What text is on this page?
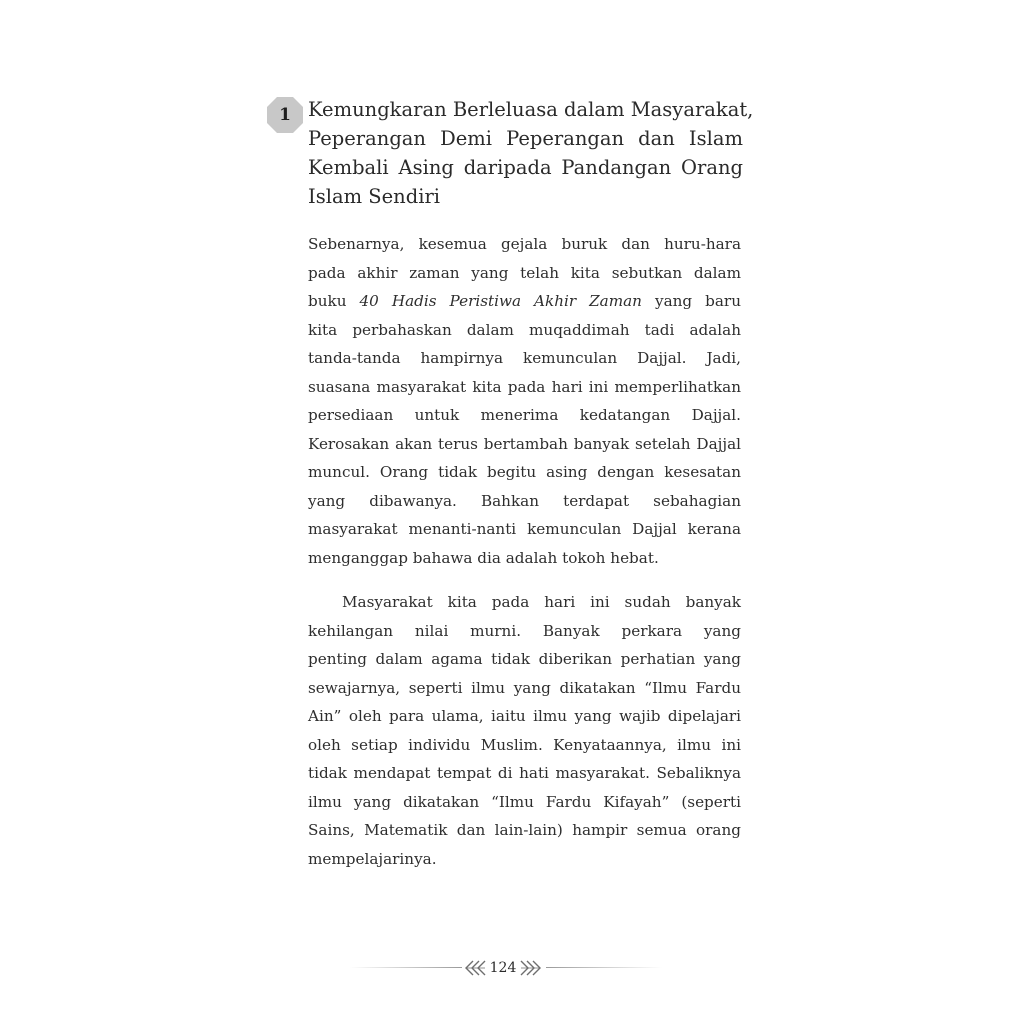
1 Kemungkaran Berleluasa dalam Masyarakat,
Peperangan Demi Peperangan dan Islam
Kembali Asing daripada Pandangan Orang
Islam Sendiri

Sebenarnya, kesemua gejala buruk dan huru-hara
pada akhir zaman yang telah kita sebutkan dalam
buku 40 Hadis Peristiwa Akhir Zaman yang baru
kita perbahaskan dalam muqaddimah tadi adalah
tanda-tanda hampirnya kemunculan Dajjal. Jadi,
suasana masyarakat kita pada hari ini memperlihatkan
persediaan untuk menerima kedatangan Dajjal.
Kerosakan akan terus bertambah banyak setelah Dajjal
muncul. Orang tidak begitu asing dengan kesesatan
yang dibawanya. Bahkan terdapat sebahagian
masyarakat menanti-nanti kemunculan Dajjal kerana
menganggap bahawa dia adalah tokoh hebat.

Masyarakat kita pada hari ini sudah banyak
kehilangan nilai murni. Banyak perkara yang
penting dalam agama tidak diberikan perhatian yang
sewajarnya, seperti ilmu yang dikatakan “Ilmu Fardu
Ain” oleh para ulama, iaitu ilmu yang wajib dipelajari
oleh setiap individu Muslim. Kenyataannya, ilmu ini
tidak mendapat tempat di hati masyarakat. Sebaliknya
ilmu yang dikatakan “Ilmu Fardu Kifayah” (seperti
Sains, Matematik dan lain-lain) hampir semua orang
mempelajarinya.

124
